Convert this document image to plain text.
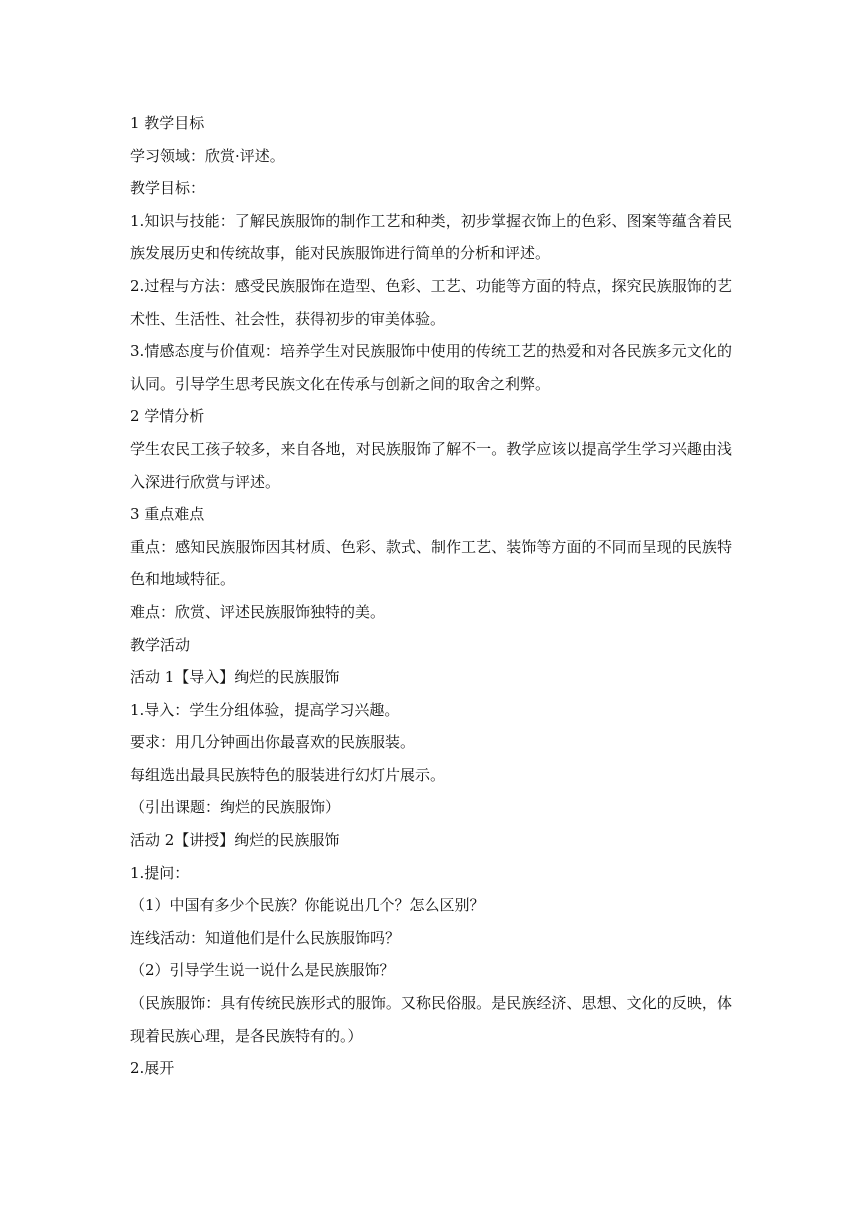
1 教学目标

学习领域：欣赏·评述。

教学目标：

1.知识与技能：了解民族服饰的制作工艺和种类，初步掌握衣饰上的色彩、图案等蕴含着民

族发展历史和传统故事，能对民族服饰进行简单的分析和评述。

2.过程与方法：感受民族服饰在造型、色彩、工艺、功能等方面的特点，探究民族服饰的艺

术性、生活性、社会性，获得初步的审美体验。

3.情感态度与价值观：培养学生对民族服饰中使用的传统工艺的热爱和对各民族多元文化的

认同。引导学生思考民族文化在传承与创新之间的取舍之利弊。

2 学情分析

学生农民工孩子较多，来自各地，对民族服饰了解不一。教学应该以提高学生学习兴趣由浅

入深进行欣赏与评述。

3 重点难点

重点：感知民族服饰因其材质、色彩、款式、制作工艺、装饰等方面的不同而呈现的民族特

色和地域特征。

难点：欣赏、评述民族服饰独特的美。

教学活动

活动 1【导入】绚烂的民族服饰

1.导入：学生分组体验，提高学习兴趣。

要求：用几分钟画出你最喜欢的民族服装。

每组选出最具民族特色的服装进行幻灯片展示。

（引出课题：绚烂的民族服饰）

活动 2【讲授】绚烂的民族服饰

1.提问：

（1）中国有多少个民族？你能说出几个？怎么区别？

连线活动：知道他们是什么民族服饰吗？

（2）引导学生说一说什么是民族服饰？

（民族服饰：具有传统民族形式的服饰。又称民俗服。是民族经济、思想、文化的反映，体

现着民族心理，是各民族特有的。）

2.展开
